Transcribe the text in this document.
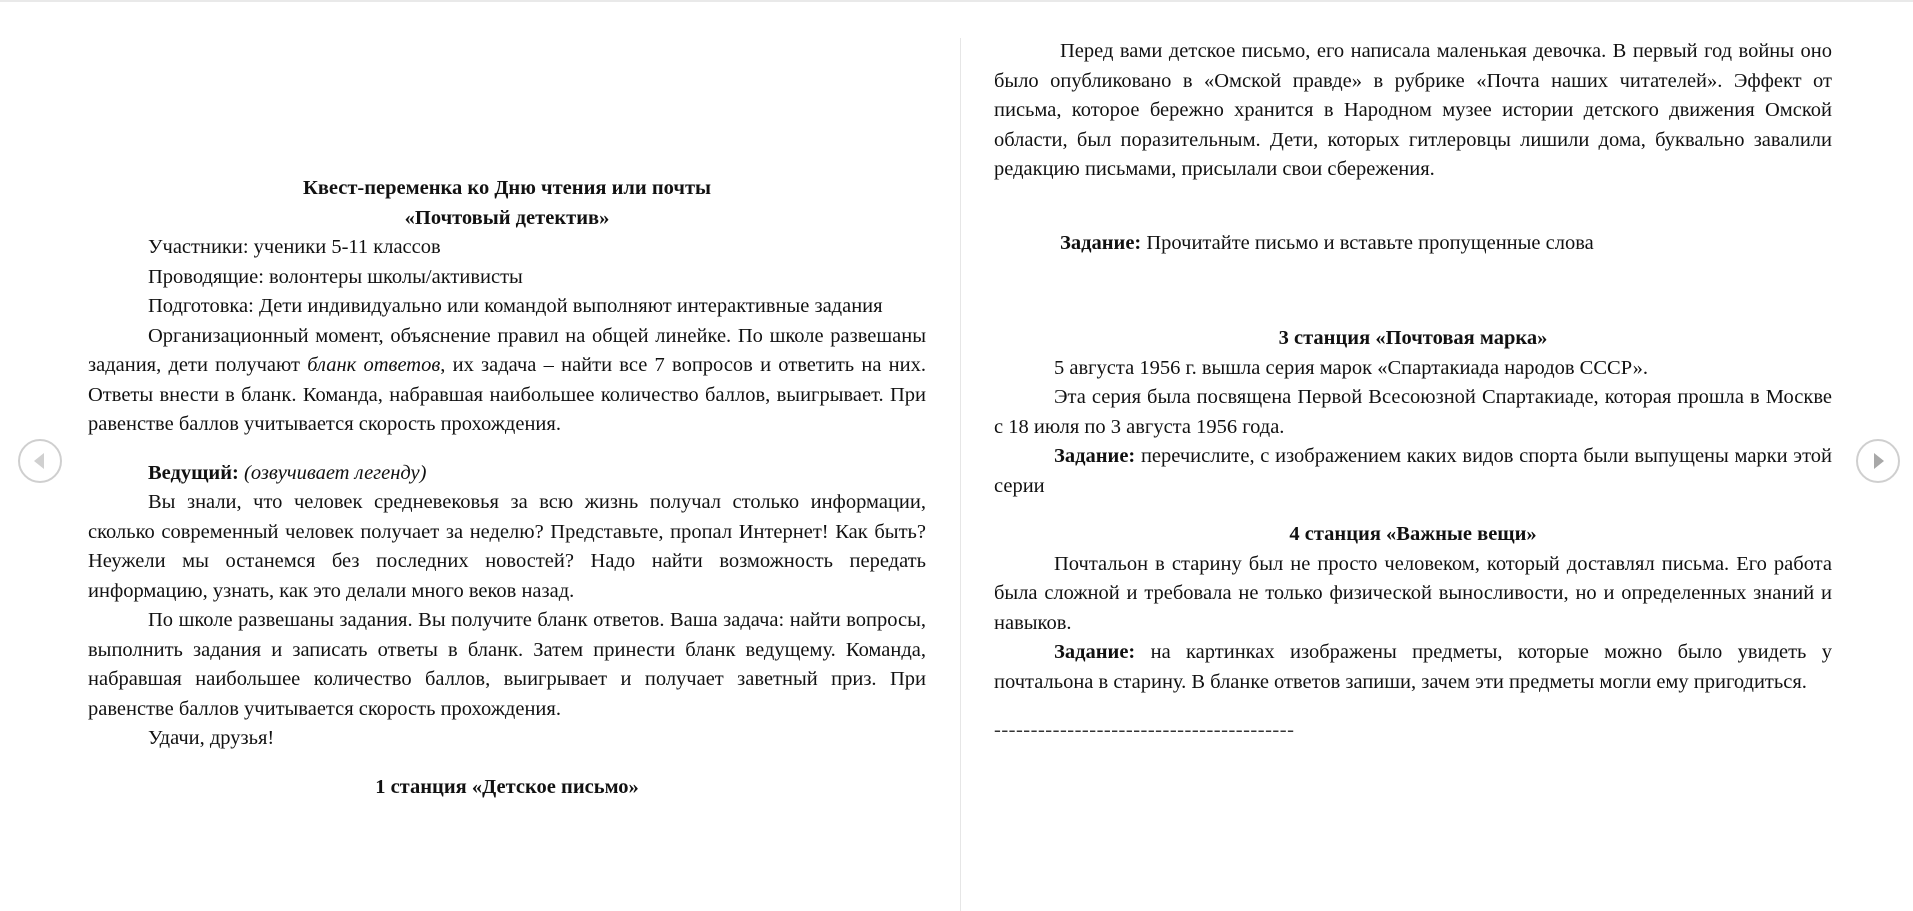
Квест-переменка ко Дню чтения или почты

«Почтовый детектив»

Участники: ученики 5-11 классов

Проводящие: волонтеры школы/активисты

Подготовка: Дети индивидуально или командой выполняют интерактивные задания

Организационный момент, объяснение правил на общей линейке. По школе развешаны задания, дети получают бланк ответов, их задача – найти все 7 вопросов и ответить на них. Ответы внести в бланк. Команда, набравшая наибольшее количество баллов, выигрывает. При равенстве баллов учитывается скорость прохождения.

Ведущий: (озвучивает легенду)

Вы знали, что человек средневековья за всю жизнь получал столько информации, сколько современный человек получает за неделю? Представьте, пропал Интернет! Как быть? Неужели мы останемся без последних новостей? Надо найти возможность передать информацию, узнать, как это делали много веков назад.

По школе развешаны задания. Вы получите бланк ответов. Ваша задача: найти вопросы, выполнить задания и записать ответы в бланк. Затем принести бланк ведущему. Команда, набравшая наибольшее количество баллов, выигрывает и получает заветный приз. При равенстве баллов учитывается скорость прохождения.

Удачи, друзья!

1 станция «Детское письмо»

Перед вами детское письмо, его написала маленькая девочка. В первый год войны оно было опубликовано в «Омской правде» в рубрике «Почта наших читателей». Эффект от письма, которое бережно хранится в Народном музее истории детского движения Омской области, был поразительным. Дети, которых гитлеровцы лишили дома, буквально завалили редакцию письмами, присылали свои сбережения.

Задание: Прочитайте письмо и вставьте пропущенные слова

3 станция «Почтовая марка»

5 августа 1956 г. вышла серия марок «Спартакиада народов СССР».

Эта серия была посвящена Первой Всесоюзной Спартакиаде, которая прошла в Москве с 18 июля по 3 августа 1956 года.

Задание: перечислите, с изображением каких видов спорта были выпущены марки этой серии

4 станция «Важные вещи»

Почтальон в старину был не просто человеком, который доставлял письма. Его работа была сложной и требовала не только физической выносливости, но и определенных знаний и навыков.

Задание: на картинках изображены предметы, которые можно было увидеть у почтальона в старину. В бланке ответов запиши, зачем эти предметы могли ему пригодиться.

-----------------------------------------
